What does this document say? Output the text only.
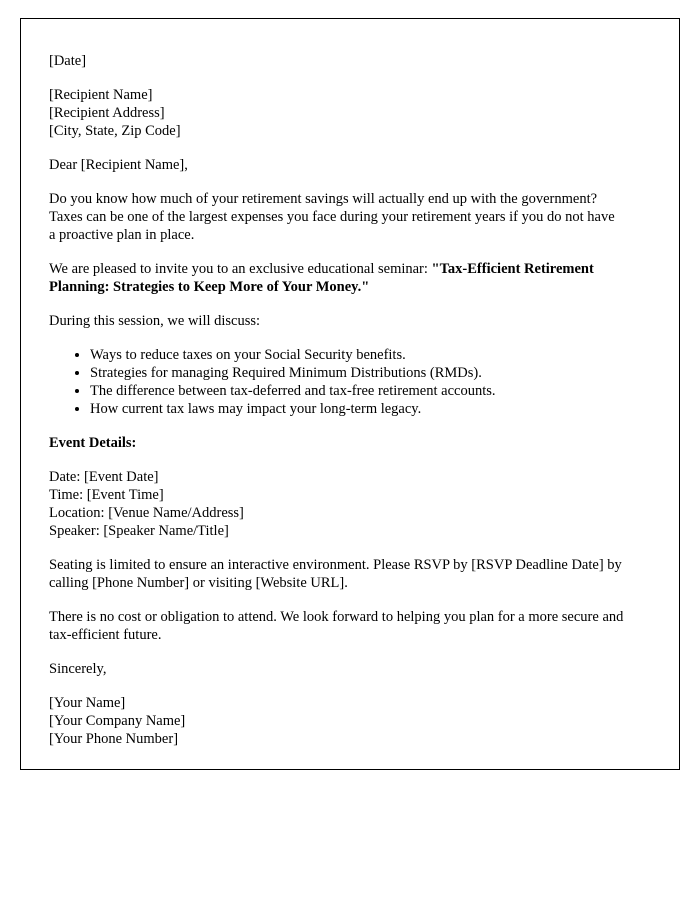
[Date]

[Recipient Name]
[Recipient Address]
[City, State, Zip Code]

Dear [Recipient Name],

Do you know how much of your retirement savings will actually end up with the government? Taxes can be one of the largest expenses you face during your retirement years if you do not have a proactive plan in place.

We are pleased to invite you to an exclusive educational seminar: "Tax-Efficient Retirement Planning: Strategies to Keep More of Your Money."

During this session, we will discuss:

• Ways to reduce taxes on your Social Security benefits.
• Strategies for managing Required Minimum Distributions (RMDs).
• The difference between tax-deferred and tax-free retirement accounts.
• How current tax laws may impact your long-term legacy.

Event Details:

Date: [Event Date]
Time: [Event Time]
Location: [Venue Name/Address]
Speaker: [Speaker Name/Title]

Seating is limited to ensure an interactive environment. Please RSVP by [RSVP Deadline Date] by calling [Phone Number] or visiting [Website URL].

There is no cost or obligation to attend. We look forward to helping you plan for a more secure and tax-efficient future.

Sincerely,

[Your Name]
[Your Company Name]
[Your Phone Number]
